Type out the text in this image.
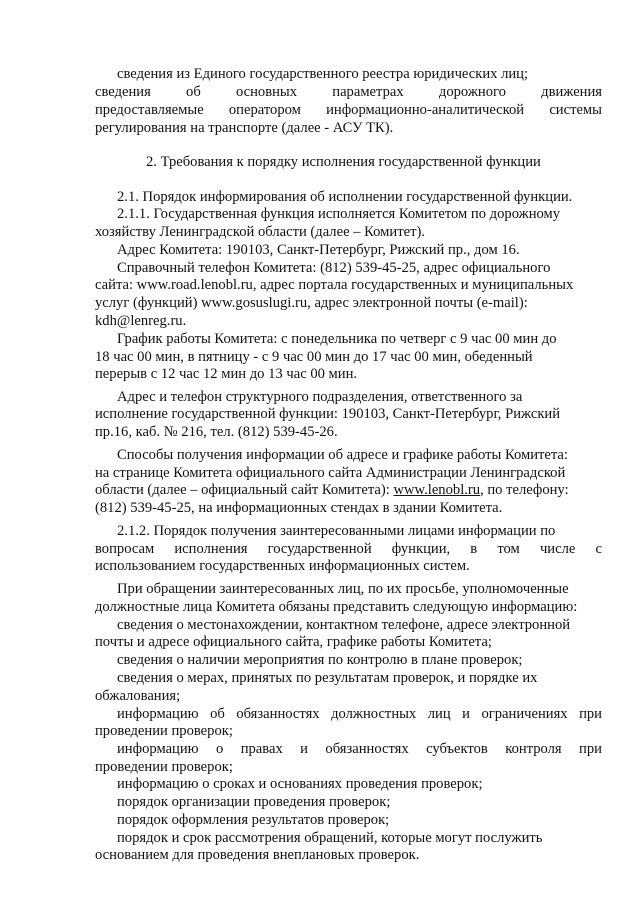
сведения из Единого государственного реестра юридических лиц;
сведения об основных параметрах дорожного движения
предоставляемые оператором информационно-аналитической системы
регулирования на транспорте (далее - АСУ ТК).
2. Требования к порядку исполнения государственной функции
2.1. Порядок информирования об исполнении государственной функции.
2.1.1. Государственная функция исполняется Комитетом по дорожному
хозяйству Ленинградской области (далее – Комитет).
Адрес Комитета: 190103, Санкт-Петербург, Рижский пр., дом 16.
Справочный телефон Комитета: (812) 539-45-25, адрес официального
сайта: www.road.lenobl.ru, адрес портала государственных и муниципальных
услуг (функций) www.gosuslugi.ru, адрес электронной почты (e-mail):
kdh@lenreg.ru.
График работы Комитета: с понедельника по четверг с 9 час 00 мин до
18 час 00 мин, в пятницу - с 9 час 00 мин до 17 час 00 мин, обеденный
перерыв с 12 час 12 мин до 13 час 00 мин.
Адрес и телефон структурного подразделения, ответственного за
исполнение государственной функции: 190103, Санкт-Петербург, Рижский
пр.16, каб. № 216, тел. (812) 539-45-26.
Способы получения информации об адресе и графике работы Комитета:
на странице Комитета официального сайта Администрации Ленинградской
области (далее – официальный сайт Комитета): www.lenobl.ru, по телефону:
(812) 539-45-25, на информационных стендах в здании Комитета.
2.1.2. Порядок получения заинтересованными лицами информации по
вопросам исполнения государственной функции, в том числе с
использованием государственных информационных систем.
При обращении заинтересованных лиц, по их просьбе, уполномоченные
должностные лица Комитета обязаны представить следующую информацию:
сведения о местонахождении, контактном телефоне, адресе электронной
почты и адресе официального сайта, графике работы Комитета;
сведения о наличии мероприятия по контролю в плане проверок;
сведения о мерах, принятых по результатам проверок, и порядке их
обжалования;
информацию об обязанностях должностных лиц и ограничениях при
проведении проверок;
информацию о правах и обязанностях субъектов контроля при
проведении проверок;
информацию о сроках и основаниях проведения проверок;
порядок организации проведения проверок;
порядок оформления результатов проверок;
порядок и срок рассмотрения обращений, которые могут послужить
основанием для проведения внеплановых проверок.
